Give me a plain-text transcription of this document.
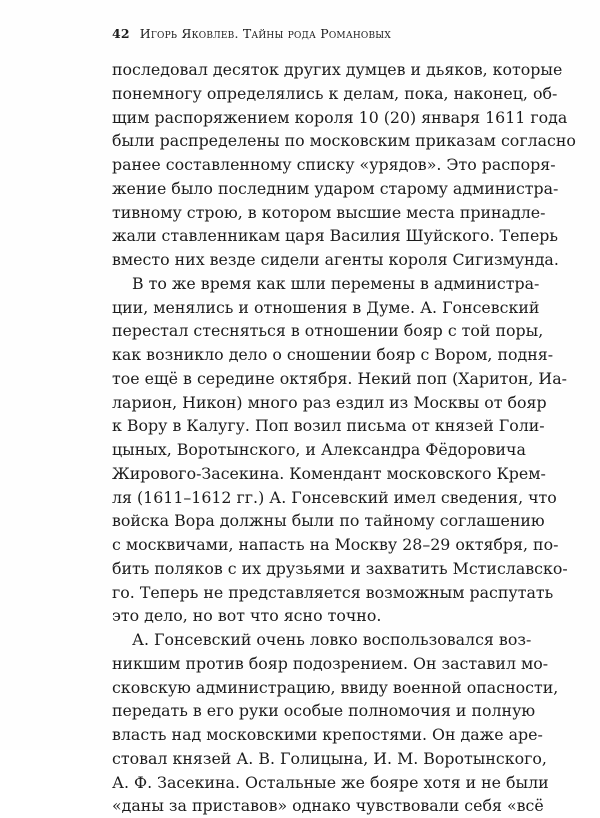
42 Игорь Яковлев. Тайны рода Романовых
последовал десяток других думцев и дьяков, которые
понемногу определялись к делам, пока, наконец, об-
щим распоряжением короля 10 (20) января 1611 года
были распределены по московским приказам согласно
ранее составленному списку «урядов». Это распоря-
жение было последним ударом старому администра-
тивному строю, в котором высшие места принадле-
жали ставленникам царя Василия Шуйского. Теперь
вместо них везде сидели агенты короля Сигизмунда.
В то же время как шли перемены в администра-
ции, менялись и отношения в Думе. А. Гонсевский
перестал стесняться в отношении бояр с той поры,
как возникло дело о сношении бояр с Вором, подня-
тое ещё в середине октября. Некий поп (Харитон, Иа-
ларион, Никон) много раз ездил из Москвы от бояр
к Вору в Калугу. Поп возил письма от князей Голи-
цыных, Воротынского, и Александра Фёдоровича
Жирового-Засекина. Комендант московского Крем-
ля (1611–1612 гг.) А. Гонсевский имел сведения, что
войска Вора должны были по тайному соглашению
с москвичами, напасть на Москву 28–29 октября, по-
бить поляков с их друзьями и захватить Мстиславско-
го. Теперь не представляется возможным распутать
это дело, но вот что ясно точно.
А. Гонсевский очень ловко воспользовался воз-
никшим против бояр подозрением. Он заставил мо-
сковскую администрацию, ввиду военной опасности,
передать в его руки особые полномочия и полную
власть над московскими крепостями. Он даже аре-
стовал князей А. В. Голицына, И. М. Воротынского,
А. Ф. Засекина. Остальные же бояре хотя и не были
«даны за приставов» однако чувствовали себя «всё
